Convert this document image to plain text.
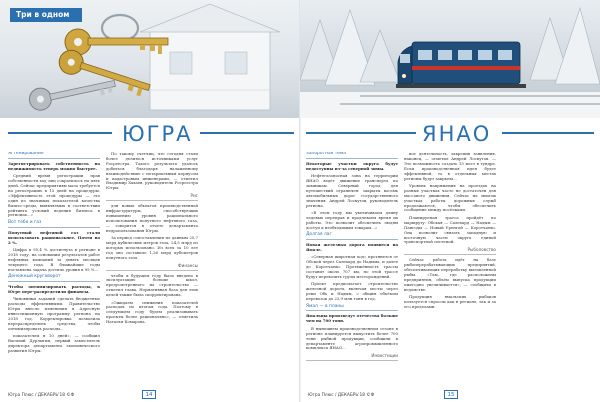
Три в одном
ЮГРА

Ягтенирование

Зарегистрировать собственность на недвижимость теперь можно быстрее.

Средний время регистрации прав собственности ход лиц сократилось на пять дней. Сейчас предприятиям мало требуется на регистрацию в 15 дней на процедуры. «Эффективность этой процедуры — это один из значимых показателей качества бизнес-среды, выявляемых в соответствии рейтинга условий ведения бизнеса в регионах...»

Вот тебе и газ

Попутный нефтяной газ стали использовать рациональнее. Почти на 2 %.

Цифра в 95,4 % достигнута в регионе в 2018 году, на основании результатов работ нефтяных компаний за девять месяцев текущего года. В ближайшие годы поставлена задача достичь уровня в 95 %...

Денежный круговорот

Чтобы оптимизировать расходы, в Югре пере-распределили финансы.

Чиновники заданий сделать бюджетные расходы эффективными. Правительство Югры внесло изменения в Адресную инвестиционную программу региона на 2018 год. Корректировка позволила перераспределить средства, чтобы оптимизировать расходы...

показателем в 10 дней», — сообщил Василий Дурлыгин, первый заместитель директора департамента экономического развития Югры.

По такому счетчиц, что сегодня стали более делиться источниками услуг Росреестра. Такого результата удалось добиться благодаря налаженному взаимодействию с нотариальным корпусом и кадастровым инженерами, — отметил Владимир Хахаев, руководитель Росреестра Югры.

Рис

для новых объектов производственной инфраструктуры, способствующих повышению уровня рационального использования попутного нефтяного газа, — говорится в отчете департамента недропользования Югры.

За период сопоставления по данным 25,7 млрд кубических метров газа, 24,5 млрд из которых использовано. Из всех за 10 лет год оно составило 1,26 млрд кубометров попутного газа.

Финансы

чтобы в будущем году было введено в эксплуатацию больше школ, предусмотренного на строительство — отметил глава. Нормативная база для этих целей также была скорректирована.

«Ожидаем снижения показателей расходов по итогам года. Поэтому в следующем году будем реализовывать проекты более рационально», — отметила Наталья Комарова.

Югра Плюс / ДЕКАБРЬ'18 ©Ф	14
ЯНАО

Запоротная тема

Некоторые участки округа будут недоступны из-за северной зимы.

Нефтегазоносная зона на территории ЯНАО ведёт движение транспорта по зимникам. Северный город для путешествий ограничен: закрыты восемь автомобильных дорог государственного значения. Андрей Лоскутов, руководитель региона.

«В этом году мы увеличиваем длину ледовых переправ и продлеваем время их работы. Это позволит обеспечить людям доступ к необходимым товарам...»

Долгая лаг

Новая железная дорога появится на Ямале.

«Северная широтная ход» протянется от Обской через Салехард до Надыма, и далее до Коротчаево. Протяжённость трассы составит около 707 км, по этой трассе будут перевозить грузы месторождений.

Проект предполагает строительство железной дороги, включая мосты через реки Обь и Надым, с общим объёмом перевозок до 23,9 млн тонн в год.

Ямал — в планы

Ямальцы произведут отечества больше чем на 700 тонн.

В нынешнем производственном сезоне в регионе планируется выпустить более 700 тонн рыбной продукции, сообщили в департаменте агропромышленного комплекса ЯНАО...

Инвестиции

вое деятельность, закрепив заявления, наконец, — отметил Андрей Лоскутов. — Это возможность создать 15 мест в тундре. Если производственная идея будет эффективной, то в отдельных местах регионы будут закрыты...

Уровень напряжения на проездах на разных участках часто не достаточен для массового движения. Сейчас на многих участках работы дорожных служб продолжаются, чтобы обеспечить сообщение между посёлками.

Планируемая трасса пройдёт по маршруту: Обская — Салехард — Надым — Пангоды — Новый Уренгой — Коротчаево. Она позволит связать западную и восточную части округа единой транспортной системой.

Рыболовство

Сейчас работа идёт на базе рыбоперерабатывающих предприятий, обеспечивающих переработку выловленной рыбы. «Там, где расположены предприятия, объём выпуска продукции ежегодно увеличивается», — сообщили в ведомстве.

Продукция ямальских рыбаков пользуется спросом как в регионе, так и за его пределами.

Югра Плюс / ДЕКАБРЬ'18 ©Ф	15
